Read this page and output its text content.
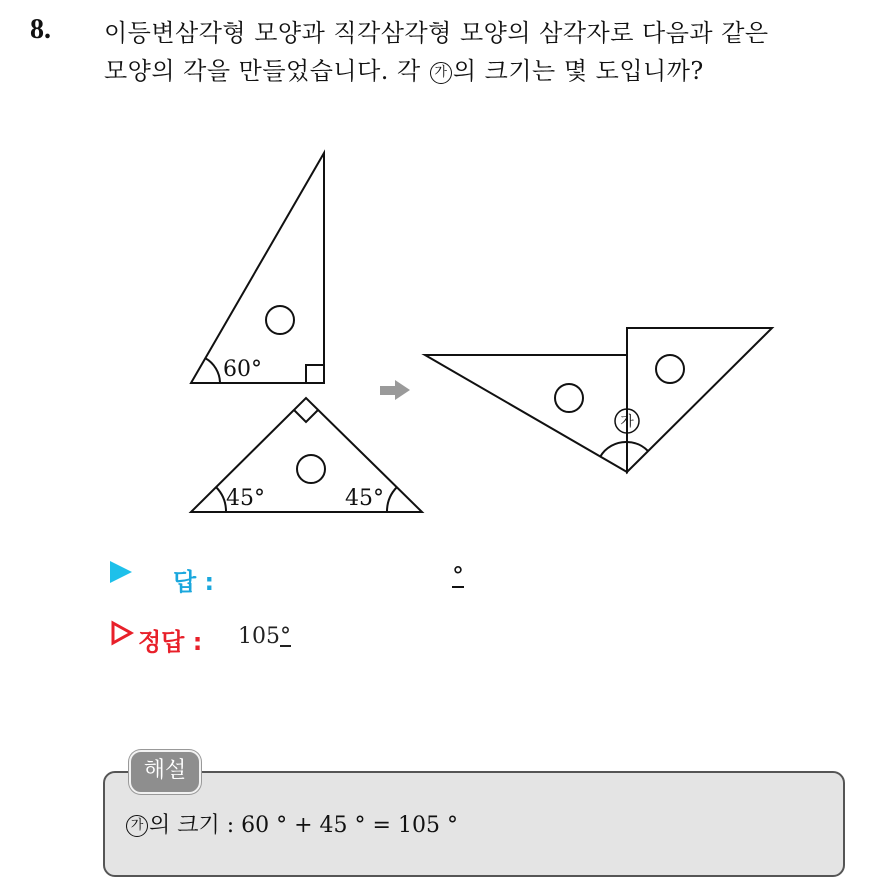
8. 이등변삼각형 모양과 직각삼각형 모양의 삼각자로 다음과 같은
모양의 각을 만들었습니다. 각 가 의 크기는 몇 도입니까?
60°
45°	45°
가
답 :	°
정답 : 105°
해설
가 의 크기 : 60 ° + 45 ° = 105 °
